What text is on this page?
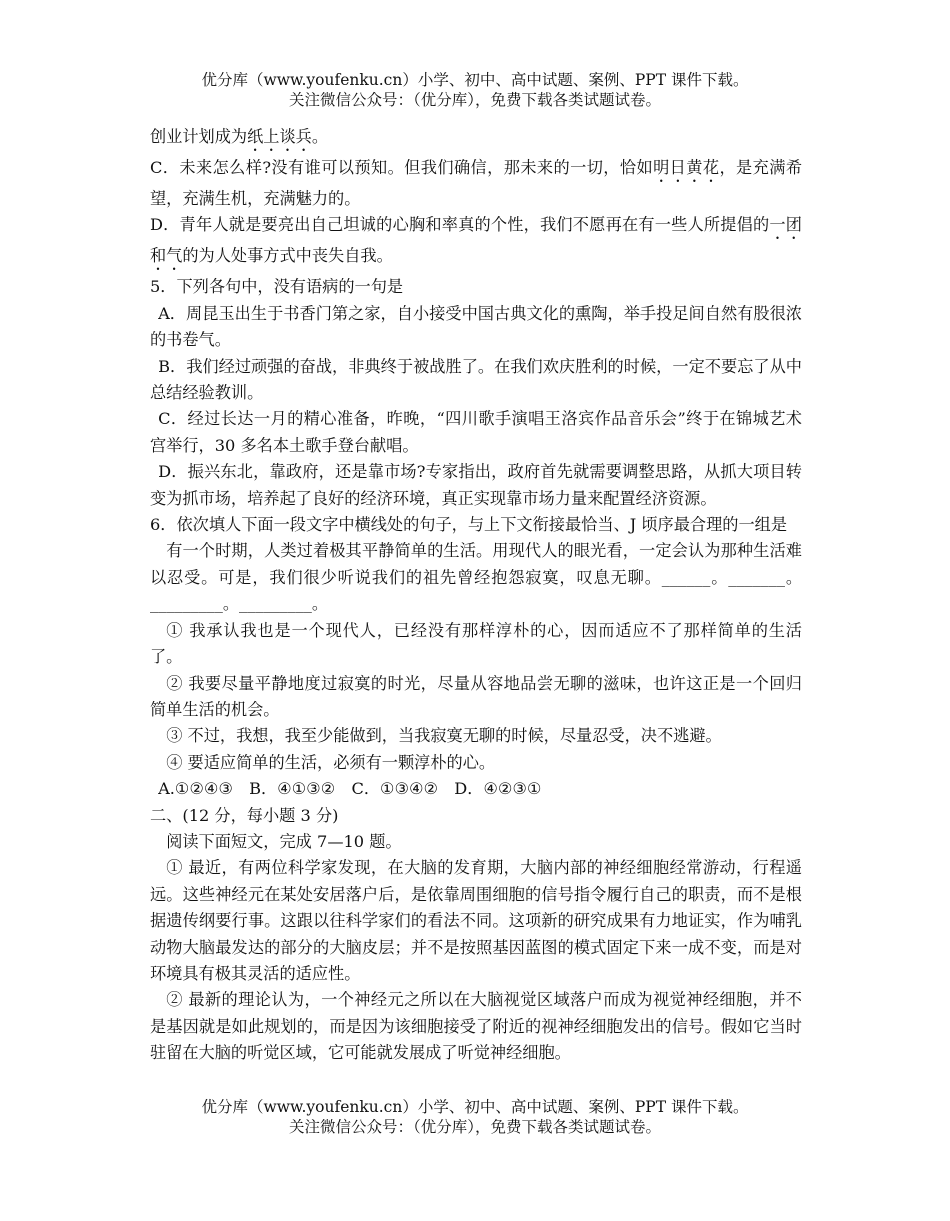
优分库（www.youfenku.cn）小学、初中、高中试题、案例、PPT 课件下载。
关注微信公众号：（优分库），免费下载各类试题试卷。

创业计划成为纸上谈兵。

C．未来怎么样?没有谁可以预知。但我们确信，那未来的一切，恰如明日黄花，是充满希望，充满生机，充满魅力的。

D．青年人就是要亮出自己坦诚的心胸和率真的个性，我们不愿再在有一些人所提倡的一团和气的为人处事方式中丧失自我。

5．下列各句中，没有语病的一句是

A．周昆玉出生于书香门第之家，自小接受中国古典文化的熏陶，举手投足间自然有股很浓的书卷气。

B．我们经过顽强的奋战，非典终于被战胜了。在我们欢庆胜利的时候，一定不要忘了从中总结经验教训。

C．经过长达一月的精心准备，昨晚，“四川歌手演唱王洛宾作品音乐会”终于在锦城艺术宫举行，30 多名本土歌手登台献唱。

D．振兴东北，靠政府，还是靠市场?专家指出，政府首先就需要调整思路，从抓大项目转变为抓市场，培养起了良好的经济环境，真正实现靠市场力量来配置经济资源。

6．依次填人下面一段文字中横线处的句子，与上下文衔接最恰当、J 顷序最合理的一组是

有一个时期，人类过着极其平静简单的生活。用现代人的眼光看，一定会认为那种生活难以忍受。可是，我们很少听说我们的祖先曾经抱怨寂寞，叹息无聊。______。_______。_________。_________。

① 我承认我也是一个现代人，已经没有那样淳朴的心，因而适应不了那样简单的生活了。

② 我要尽量平静地度过寂寞的时光，尽量从容地品尝无聊的滋味，也许这正是一个回归简单生活的机会。

③ 不过，我想，我至少能做到，当我寂寞无聊的时候，尽量忍受，决不逃避。

④ 要适应简单的生活，必须有一颗淳朴的心。

A.①②④③　B．④①③②　C．①③④②　D．④②③①

二、(12 分，每小题 3 分)

阅读下面短文，完成 7—10 题。

① 最近，有两位科学家发现，在大脑的发育期，大脑内部的神经细胞经常游动，行程遥远。这些神经元在某处安居落户后，是依靠周围细胞的信号指令履行自己的职责，而不是根据遗传纲要行事。这跟以往科学家们的看法不同。这项新的研究成果有力地证实，作为哺乳动物大脑最发达的部分的大脑皮层；并不是按照基因蓝图的模式固定下来一成不变，而是对环境具有极其灵活的适应性。

② 最新的理论认为，一个神经元之所以在大脑视觉区域落户而成为视觉神经细胞，并不是基因就是如此规划的，而是因为该细胞接受了附近的视神经细胞发出的信号。假如它当时驻留在大脑的听觉区域，它可能就发展成了听觉神经细胞。

优分库（www.youfenku.cn）小学、初中、高中试题、案例、PPT 课件下载。
关注微信公众号：（优分库），免费下载各类试题试卷。
